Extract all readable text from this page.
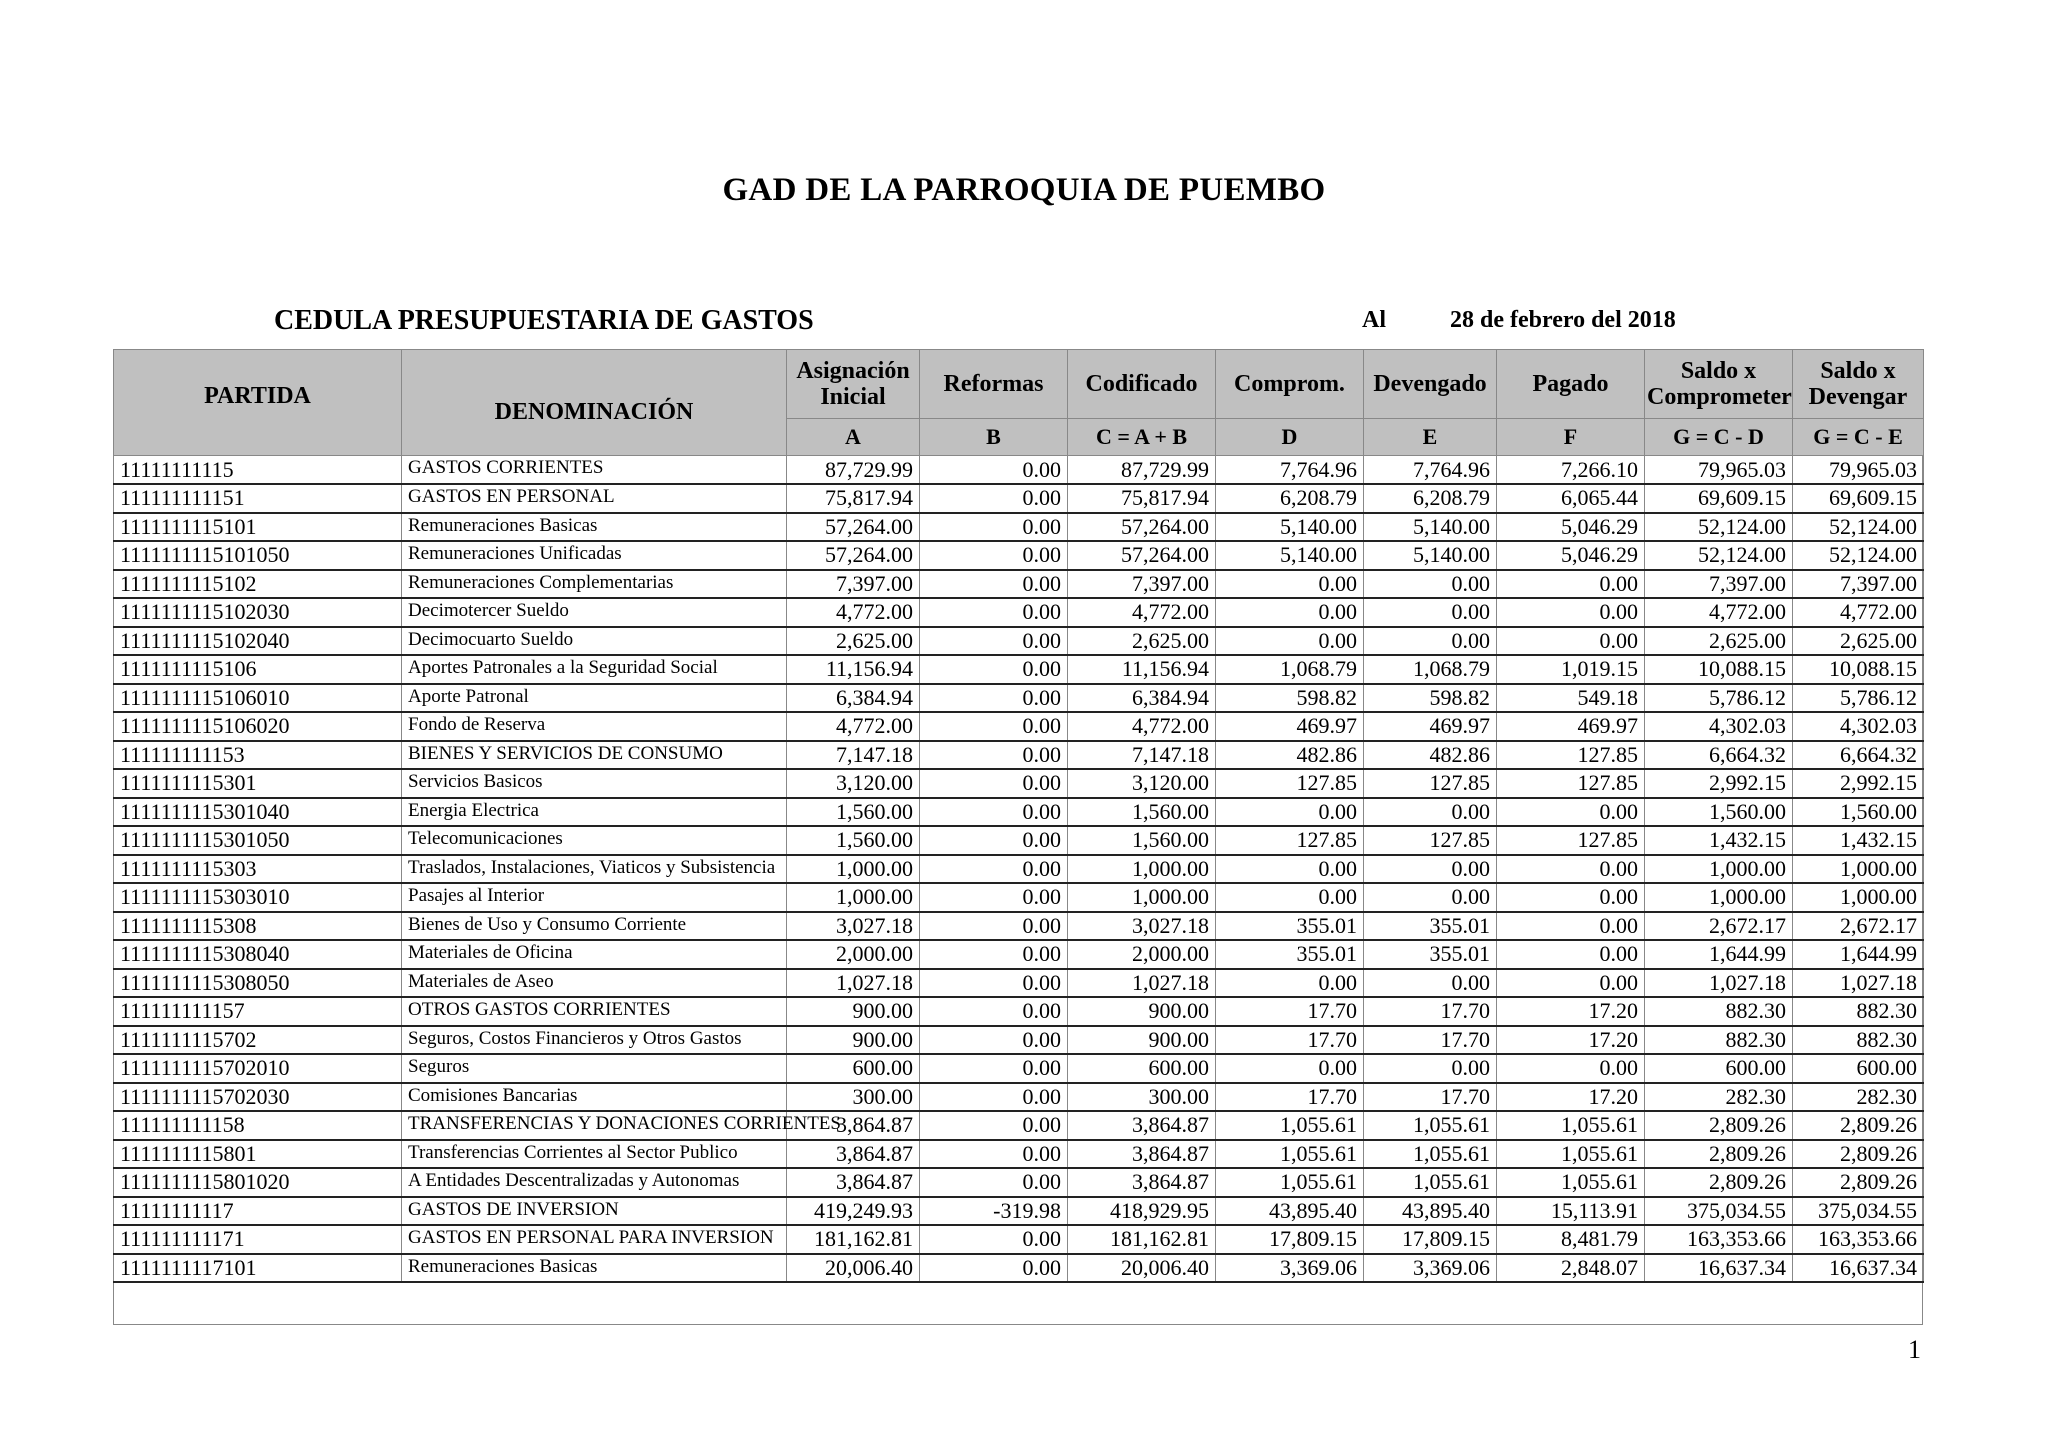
GAD DE LA PARROQUIA DE PUEMBO
CEDULA PRESUPUESTARIA DE GASTOS	Al	28 de febrero del 2018
PARTIDA	DENOMINACIÓN	Asignación Inicial	Reformas	Codificado	Comprom.	Devengado	Pagado	Saldo x Comprometer	Saldo x Devengar
		A	B	C = A + B	D	E	F	G = C - D	G = C - E
11111111115	GASTOS CORRIENTES	87,729.99	0.00	87,729.99	7,764.96	7,764.96	7,266.10	79,965.03	79,965.03
111111111151	GASTOS EN PERSONAL	75,817.94	0.00	75,817.94	6,208.79	6,208.79	6,065.44	69,609.15	69,609.15
1111111115101	Remuneraciones Basicas	57,264.00	0.00	57,264.00	5,140.00	5,140.00	5,046.29	52,124.00	52,124.00
1111111115101050	Remuneraciones Unificadas	57,264.00	0.00	57,264.00	5,140.00	5,140.00	5,046.29	52,124.00	52,124.00
1111111115102	Remuneraciones Complementarias	7,397.00	0.00	7,397.00	0.00	0.00	0.00	7,397.00	7,397.00
1111111115102030	Decimotercer Sueldo	4,772.00	0.00	4,772.00	0.00	0.00	0.00	4,772.00	4,772.00
1111111115102040	Decimocuarto Sueldo	2,625.00	0.00	2,625.00	0.00	0.00	0.00	2,625.00	2,625.00
1111111115106	Aportes Patronales a la Seguridad Social	11,156.94	0.00	11,156.94	1,068.79	1,068.79	1,019.15	10,088.15	10,088.15
1111111115106010	Aporte Patronal	6,384.94	0.00	6,384.94	598.82	598.82	549.18	5,786.12	5,786.12
1111111115106020	Fondo de Reserva	4,772.00	0.00	4,772.00	469.97	469.97	469.97	4,302.03	4,302.03
111111111153	BIENES Y SERVICIOS DE CONSUMO	7,147.18	0.00	7,147.18	482.86	482.86	127.85	6,664.32	6,664.32
1111111115301	Servicios Basicos	3,120.00	0.00	3,120.00	127.85	127.85	127.85	2,992.15	2,992.15
1111111115301040	Energia Electrica	1,560.00	0.00	1,560.00	0.00	0.00	0.00	1,560.00	1,560.00
1111111115301050	Telecomunicaciones	1,560.00	0.00	1,560.00	127.85	127.85	127.85	1,432.15	1,432.15
1111111115303	Traslados, Instalaciones, Viaticos y Subsistencia	1,000.00	0.00	1,000.00	0.00	0.00	0.00	1,000.00	1,000.00
1111111115303010	Pasajes al Interior	1,000.00	0.00	1,000.00	0.00	0.00	0.00	1,000.00	1,000.00
1111111115308	Bienes de Uso y Consumo Corriente	3,027.18	0.00	3,027.18	355.01	355.01	0.00	2,672.17	2,672.17
1111111115308040	Materiales de Oficina	2,000.00	0.00	2,000.00	355.01	355.01	0.00	1,644.99	1,644.99
1111111115308050	Materiales de Aseo	1,027.18	0.00	1,027.18	0.00	0.00	0.00	1,027.18	1,027.18
111111111157	OTROS GASTOS CORRIENTES	900.00	0.00	900.00	17.70	17.70	17.20	882.30	882.30
1111111115702	Seguros, Costos Financieros y Otros Gastos	900.00	0.00	900.00	17.70	17.70	17.20	882.30	882.30
1111111115702010	Seguros	600.00	0.00	600.00	0.00	0.00	0.00	600.00	600.00
1111111115702030	Comisiones Bancarias	300.00	0.00	300.00	17.70	17.70	17.20	282.30	282.30
111111111158	TRANSFERENCIAS Y DONACIONES CORRIENTES	3,864.87	0.00	3,864.87	1,055.61	1,055.61	1,055.61	2,809.26	2,809.26
1111111115801	Transferencias Corrientes al Sector Publico	3,864.87	0.00	3,864.87	1,055.61	1,055.61	1,055.61	2,809.26	2,809.26
1111111115801020	A Entidades Descentralizadas y Autonomas	3,864.87	0.00	3,864.87	1,055.61	1,055.61	1,055.61	2,809.26	2,809.26
11111111117	GASTOS DE INVERSION	419,249.93	-319.98	418,929.95	43,895.40	43,895.40	15,113.91	375,034.55	375,034.55
111111111171	GASTOS EN PERSONAL PARA INVERSION	181,162.81	0.00	181,162.81	17,809.15	17,809.15	8,481.79	163,353.66	163,353.66
1111111117101	Remuneraciones Basicas	20,006.40	0.00	20,006.40	3,369.06	3,369.06	2,848.07	16,637.34	16,637.34
1
